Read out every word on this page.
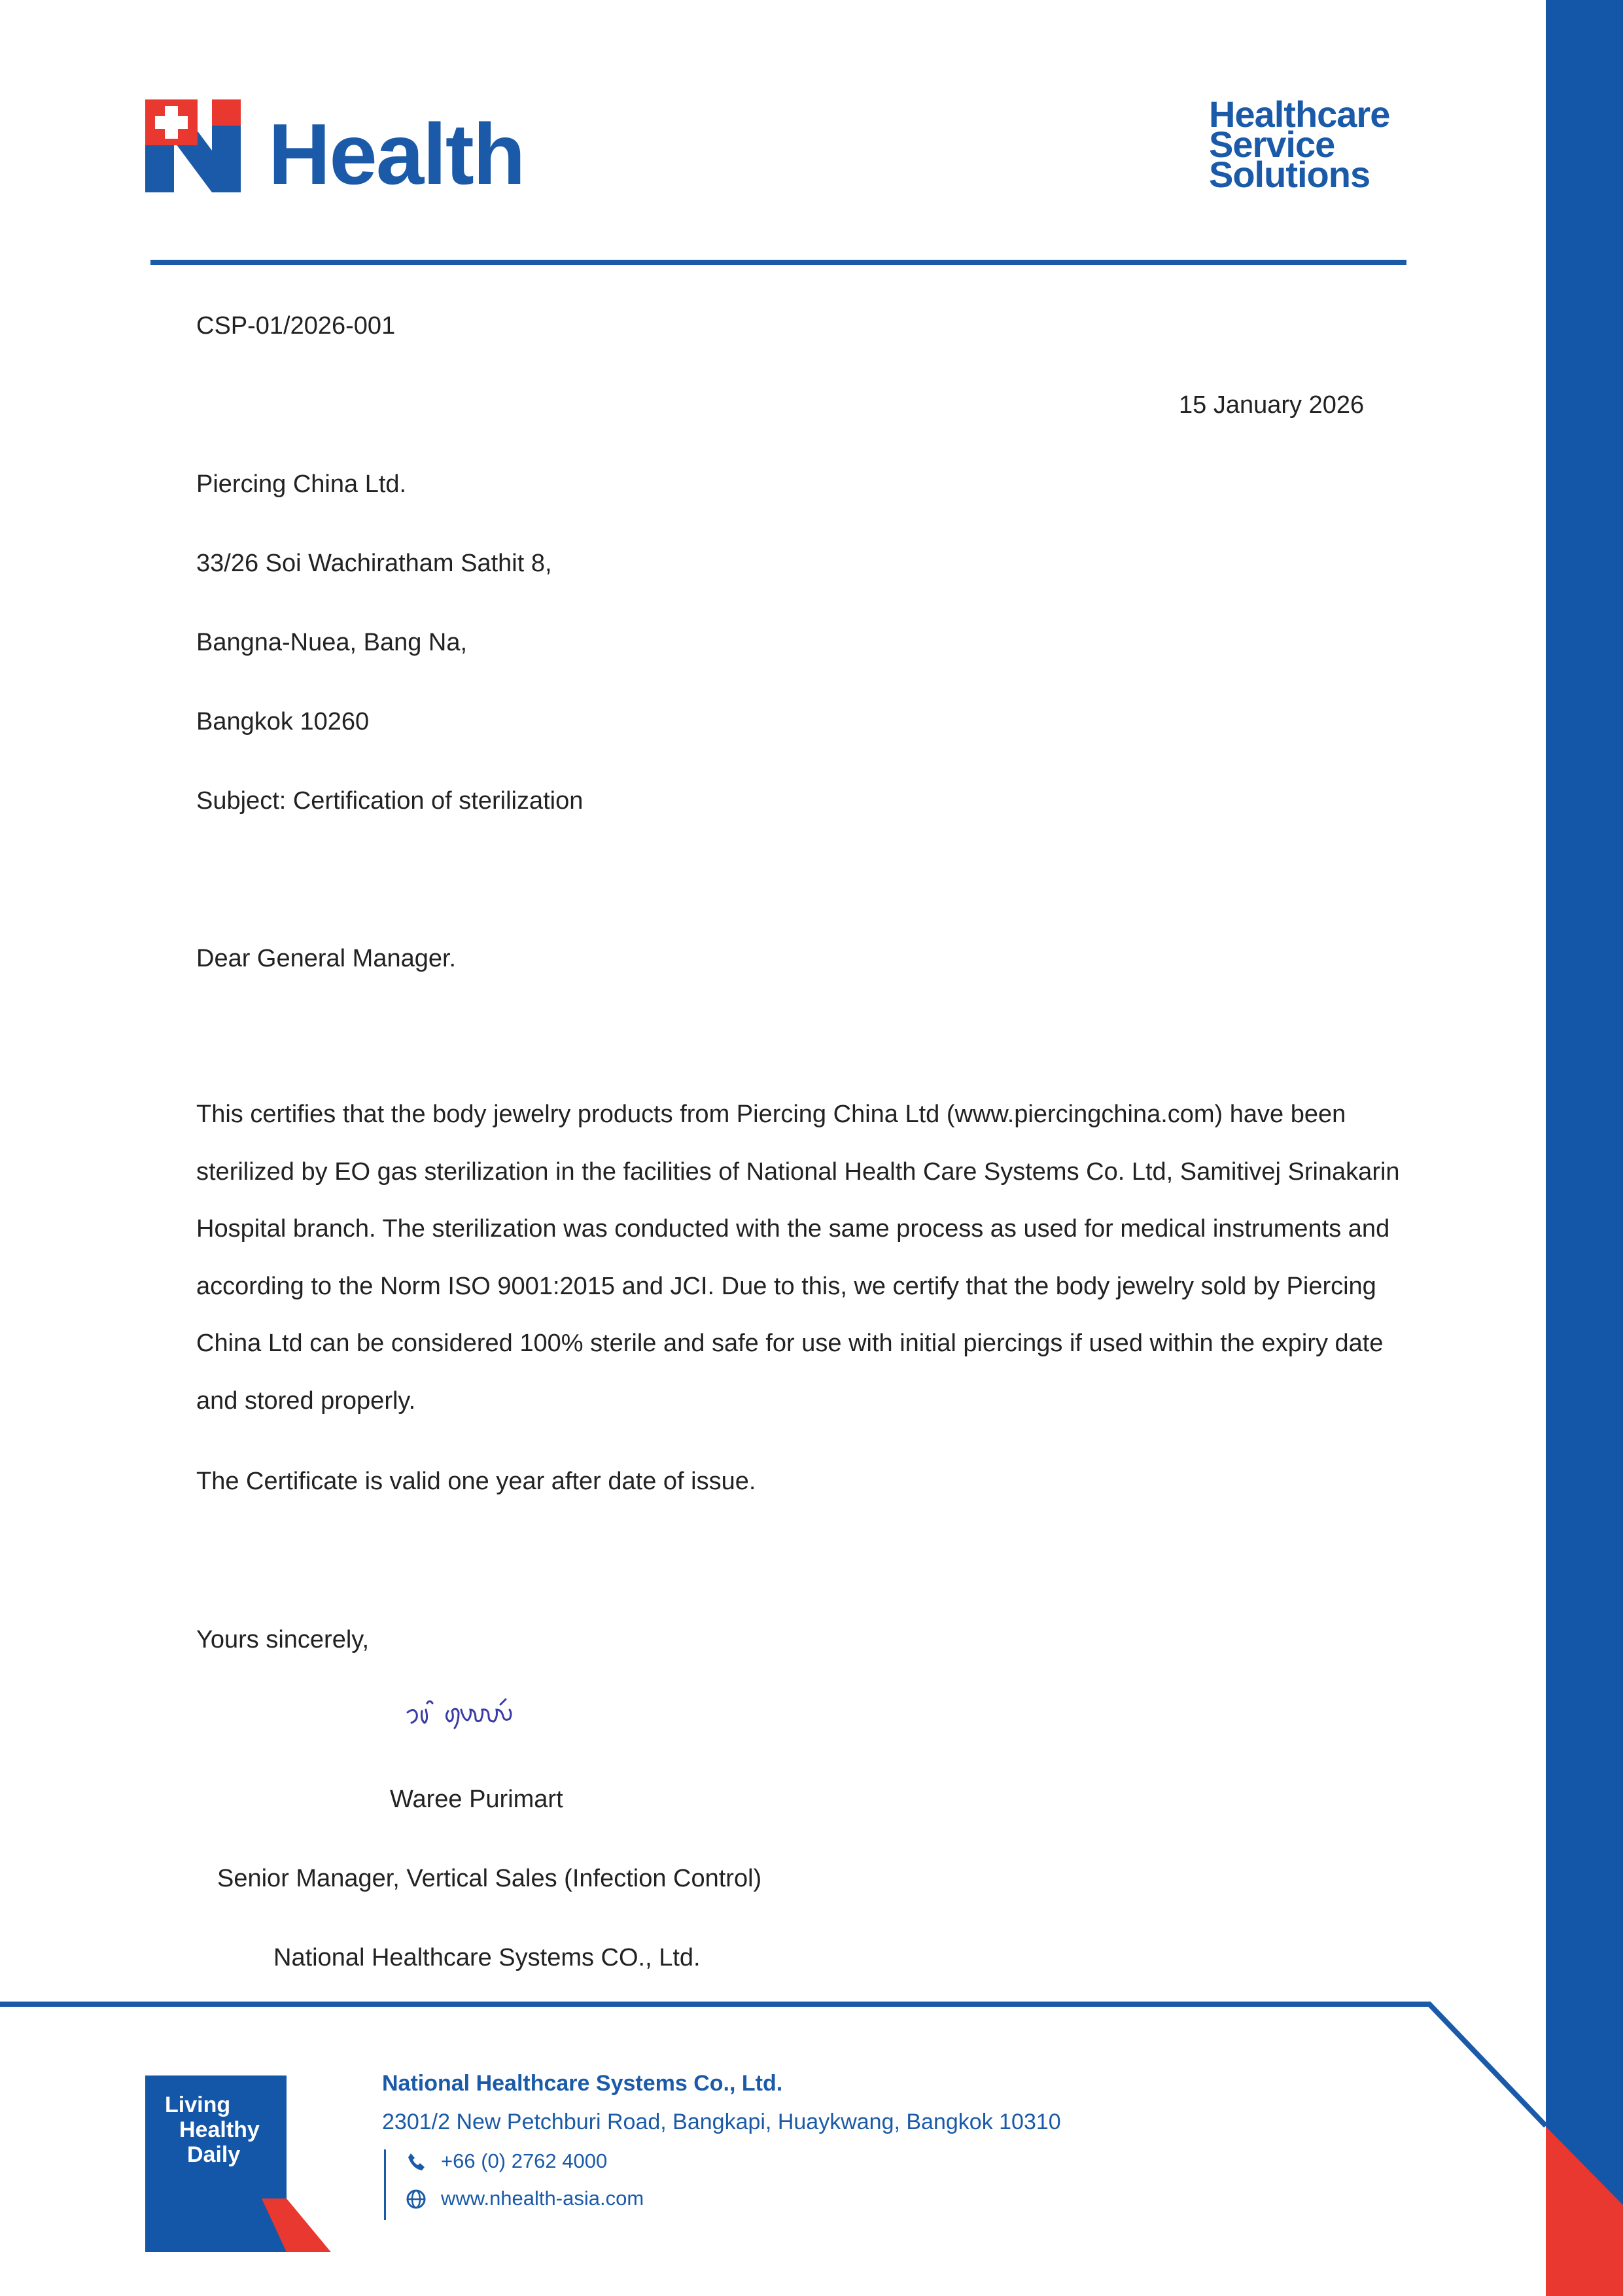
Health	Healthcare
Service
Solutions
CSP-01/2026-001
15 January 2026
Piercing China Ltd.
33/26 Soi Wachiratham Sathit 8,
Bangna-Nuea, Bang Na,
Bangkok 10260
Subject: Certification of sterilization
Dear General Manager.
This certifies that the body jewelry products from Piercing China Ltd (www.piercingchina.com) have been
sterilized by EO gas sterilization in the facilities of National Health Care Systems Co. Ltd, Samitivej Srinakarin
Hospital branch. The sterilization was conducted with the same process as used for medical instruments and
according to the Norm ISO 9001:2015 and JCI. Due to this, we certify that the body jewelry sold by Piercing
China Ltd can be considered 100% sterile and safe for use with initial piercings if used within the expiry date
and stored properly.
The Certificate is valid one year after date of issue.
Yours sincerely,
Waree Purimart
Senior Manager, Vertical Sales (Infection Control)
National Healthcare Systems CO., Ltd.
Living
Healthy
Daily
National Healthcare Systems Co., Ltd.
2301/2 New Petchburi Road, Bangkapi, Huaykwang, Bangkok 10310
+66 (0) 2762 4000
www.nhealth-asia.com
